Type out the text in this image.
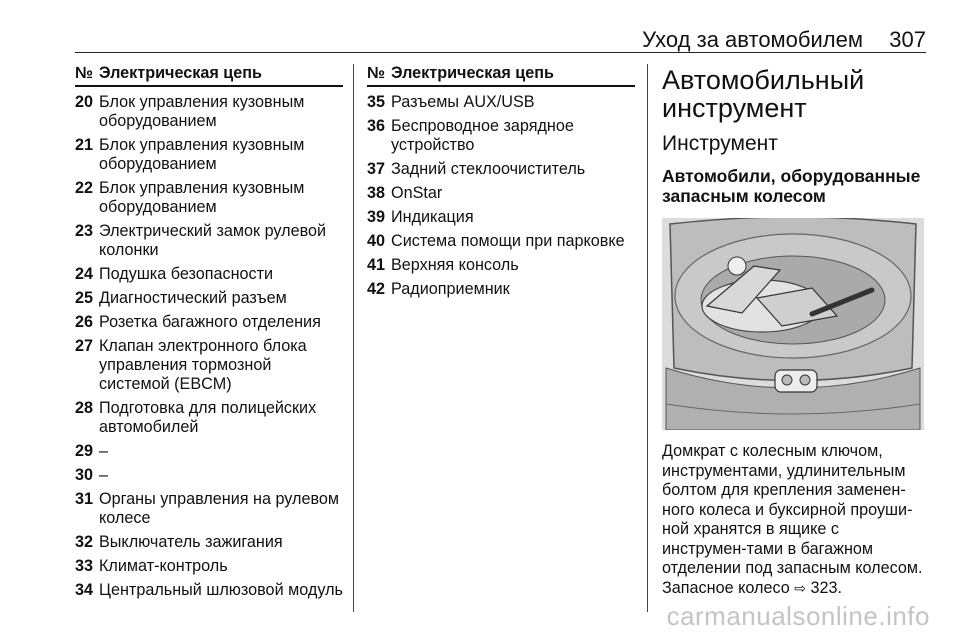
Уход за автомобилем 307
№ Электрическая цепь
20 Блок управления кузовным оборудованием
21 Блок управления кузовным оборудованием
22 Блок управления кузовным оборудованием
23 Электрический замок рулевой колонки
24 Подушка безопасности
25 Диагностический разъем
26 Розетка багажного отделения
27 Клапан электронного блока управления тормозной системой (EBCM)
28 Подготовка для полицейских автомобилей
29 –
30 –
31 Органы управления на рулевом колесе
32 Выключатель зажигания
33 Климат-контроль
34 Центральный шлюзовой модуль
№ Электрическая цепь
35 Разъемы AUX/USB
36 Беспроводное зарядное устройство
37 Задний стеклоочиститель
38 OnStar
39 Индикация
40 Система помощи при парковке
41 Верхняя консоль
42 Радиоприемник
Автомобильный инструмент
Инструмент
Автомобили, оборудованные запасным колесом
Домкрат с колесным ключом, инструментами, удлинительным болтом для крепления заменен-ного колеса и буксирной проуши-ной хранятся в ящике с инструмен-тами в багажном отделении под запасным колесом. Запасное колесо ⇨ 323.
carmanualsonline.info
